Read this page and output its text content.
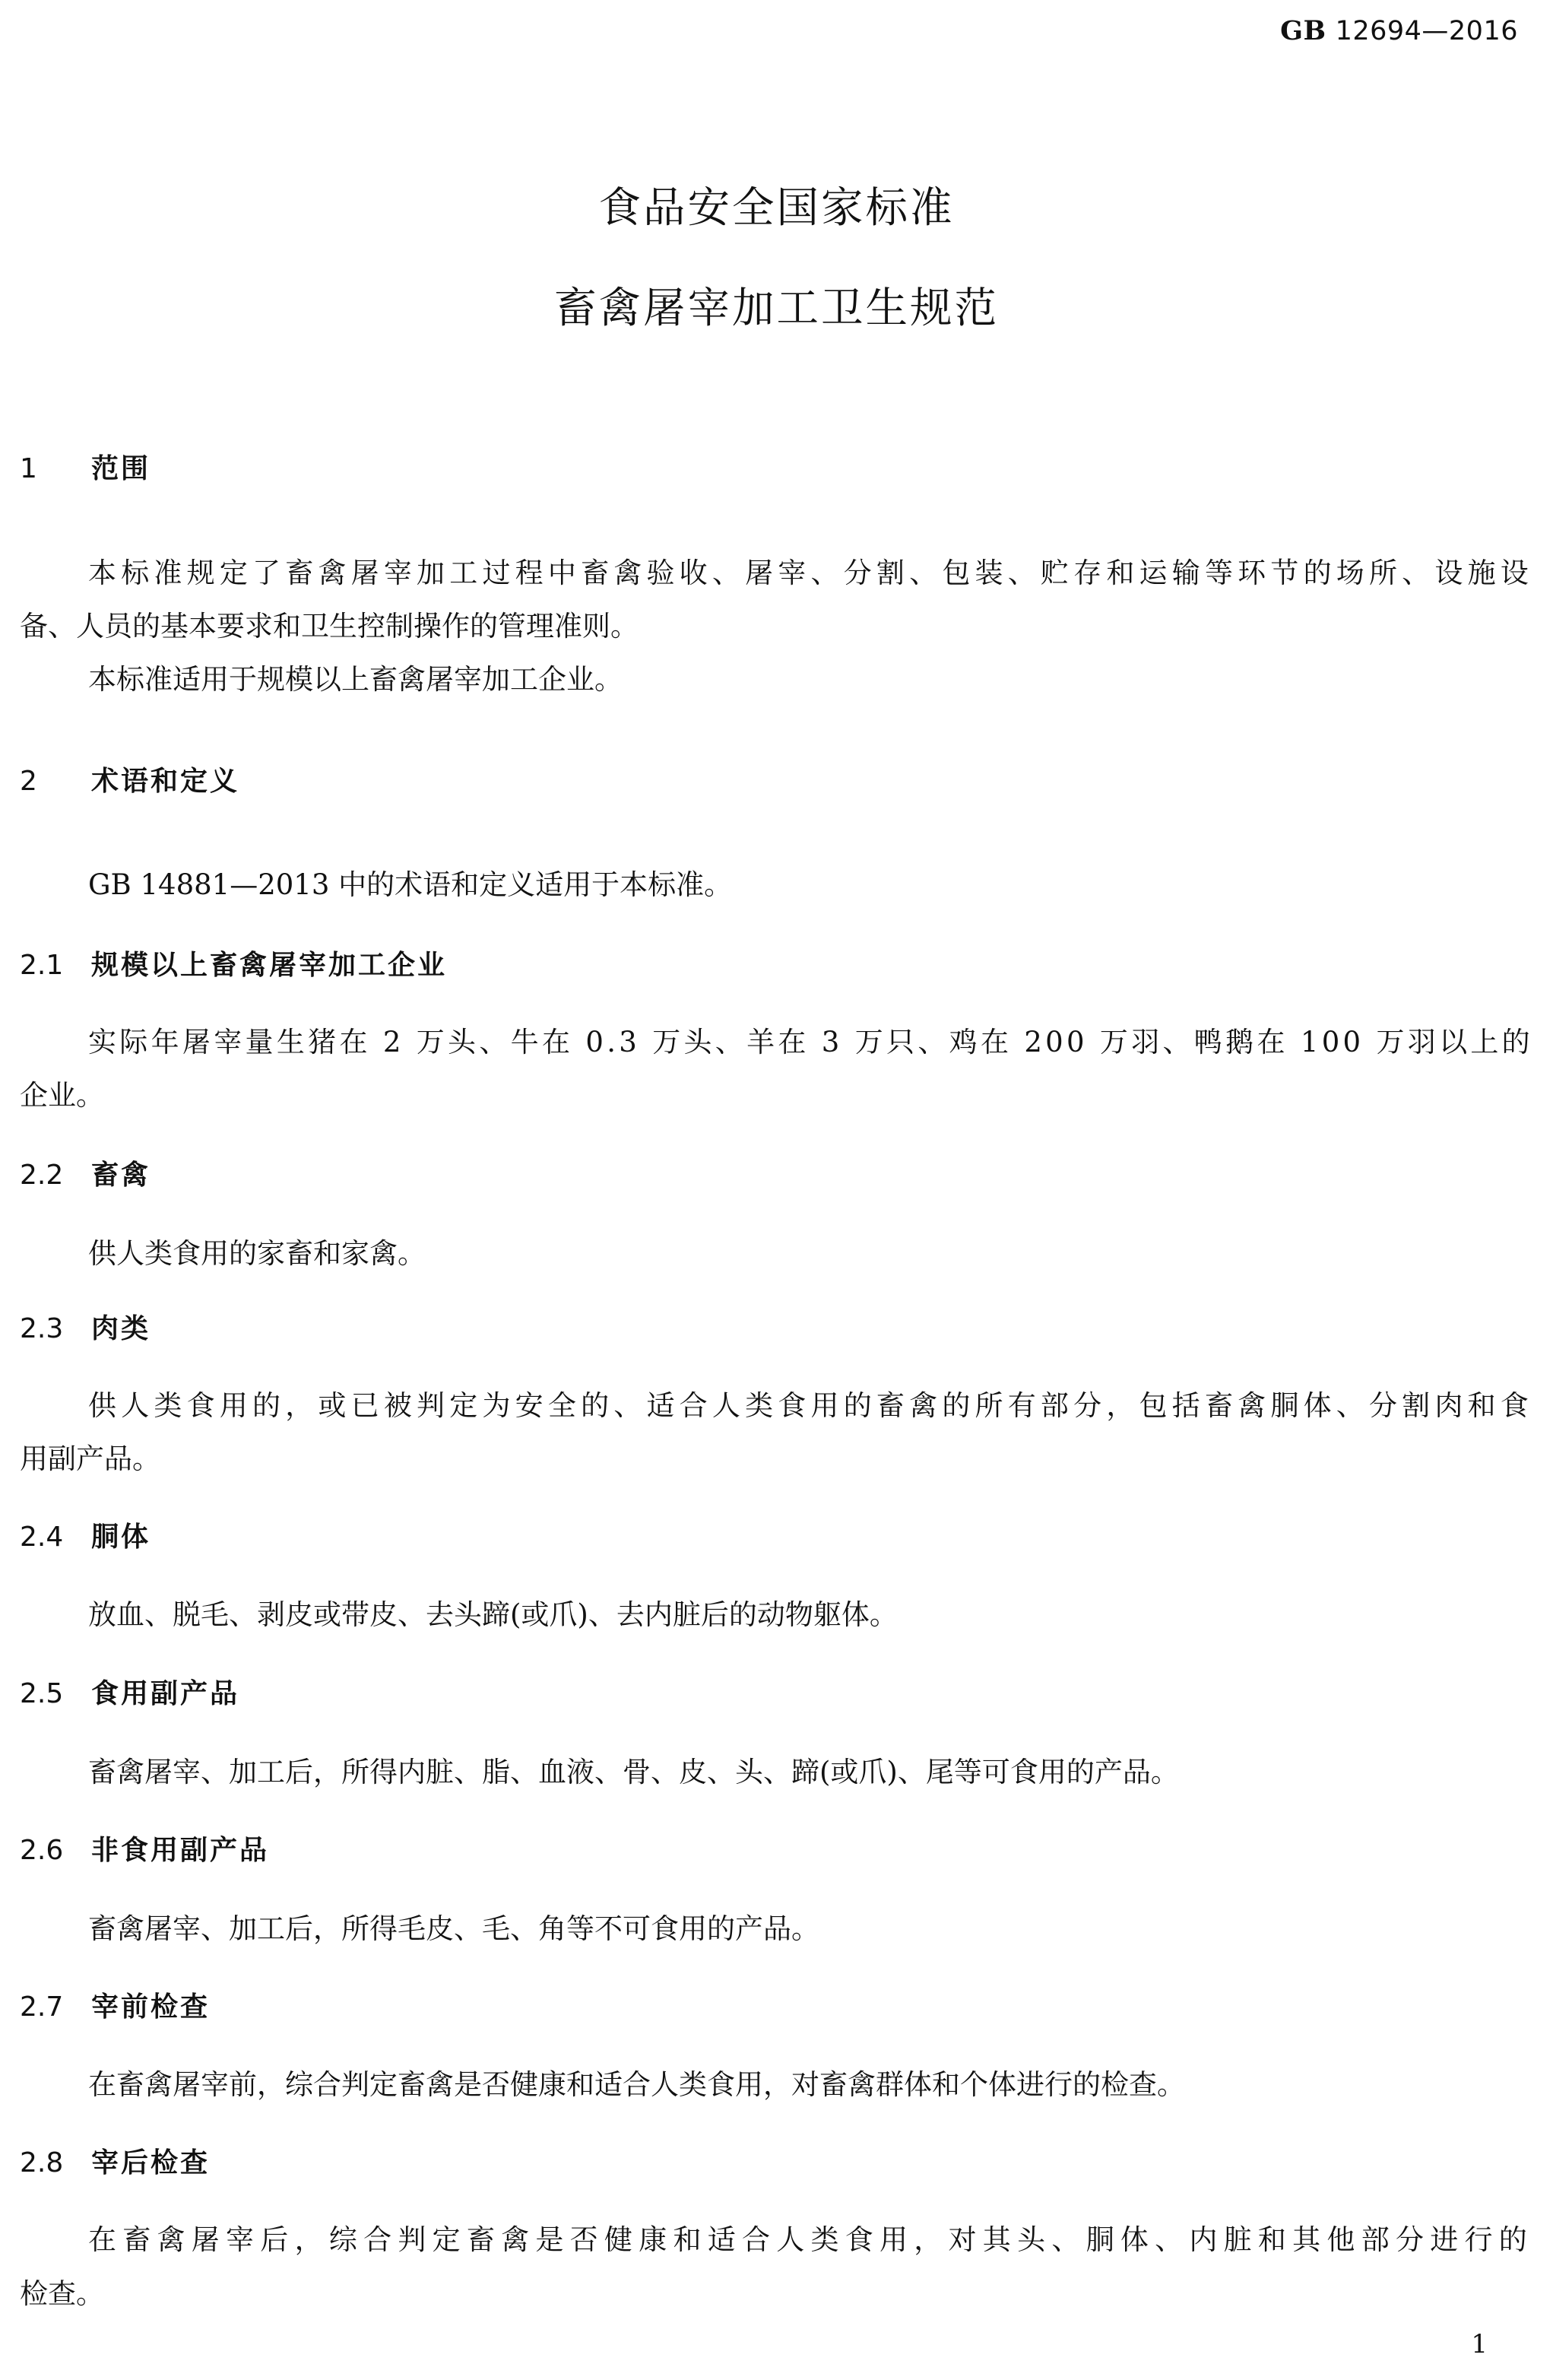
GB 12694—2016
食品安全国家标准
畜禽屠宰加工卫生规范
1 范围
本标准规定了畜禽屠宰加工过程中畜禽验收、屠宰、分割、包装、贮存和运输等环节的场所、设施设
备、人员的基本要求和卫生控制操作的管理准则。
本标准适用于规模以上畜禽屠宰加工企业。
2 术语和定义
GB 14881—2013 中的术语和定义适用于本标准。
2.1 规模以上畜禽屠宰加工企业
实际年屠宰量生猪在 2 万头、牛在 0.3 万头、羊在 3 万只、鸡在 200 万羽、鸭鹅在 100 万羽以上的
企业。
2.2 畜禽
供人类食用的家畜和家禽。
2.3 肉类
供人类食用的，或已被判定为安全的、适合人类食用的畜禽的所有部分，包括畜禽胴体、分割肉和食
用副产品。
2.4 胴体
放血、脱毛、剥皮或带皮、去头蹄(或爪)、去内脏后的动物躯体。
2.5 食用副产品
畜禽屠宰、加工后，所得内脏、脂、血液、骨、皮、头、蹄(或爪)、尾等可食用的产品。
2.6 非食用副产品
畜禽屠宰、加工后，所得毛皮、毛、角等不可食用的产品。
2.7 宰前检查
在畜禽屠宰前，综合判定畜禽是否健康和适合人类食用，对畜禽群体和个体进行的检查。
2.8 宰后检查
在畜禽屠宰后，综合判定畜禽是否健康和适合人类食用，对其头、胴体、内脏和其他部分进行的
检查。
1
